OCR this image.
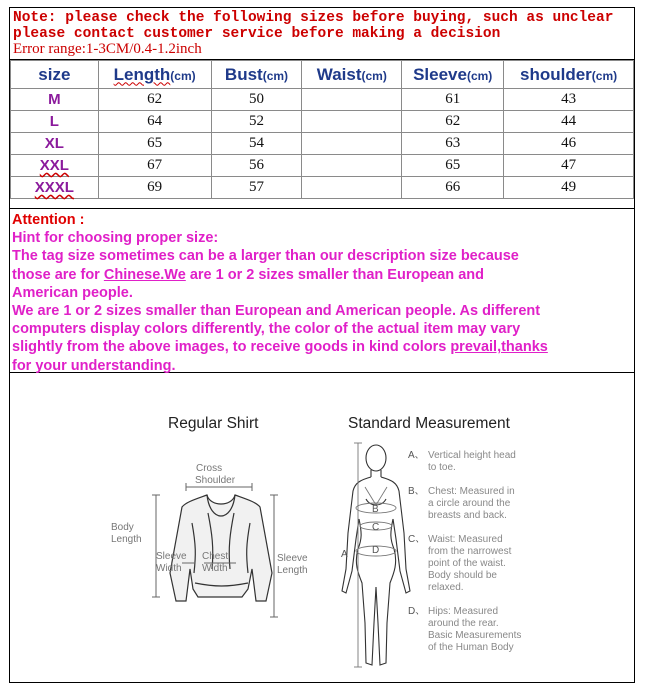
Note: please check the following sizes before buying, such as unclear
please contact customer service before making a decision
Error range:1-3CM/0.4-1.2inch
size	Length(cm)	Bust(cm)	Waist(cm)	Sleeve(cm)	shoulder(cm)
M	62	50		61	43
L	64	52		62	44
XL	65	54		63	46
XXL	67	56		65	47
XXXL	69	57		66	49
Attention :
Hint for choosing proper size:
The tag size sometimes can be a larger than our description size because
those are for Chinese.We are 1 or 2 sizes smaller than European and
American people.
We are 1 or 2 sizes smaller than European and American people. As different
computers display colors differently, the color of the actual item may vary
slightly from the above images, to receive goods in kind colors prevail,thanks
for your understanding.
Regular Shirt	Standard Measurement
Cross
Shoulder
Body
Length
Sleeve
Width
Chest
Width
Sleeve
Length
A
B
C
D
A、 Vertical height head
to toe.
B、 Chest: Measured in
a circle around the
breasts and back.
C、 Waist: Measured
from the narrowest
point of the waist.
Body should be
relaxed.
D、 Hips: Measured
around the rear.
Basic Measurements
of the Human Body
